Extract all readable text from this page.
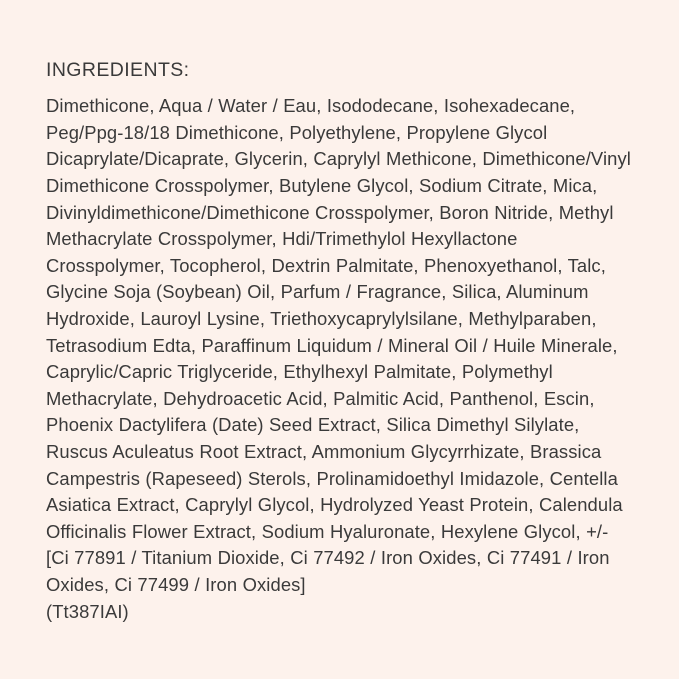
INGREDIENTS:

Dimethicone, Aqua / Water / Eau, Isododecane, Isohexadecane, Peg/Ppg-18/18 Dimethicone, Polyethylene, Propylene Glycol Dicaprylate/Dicaprate, Glycerin, Caprylyl Methicone, Dimethicone/Vinyl Dimethicone Crosspolymer, Butylene Glycol, Sodium Citrate, Mica, Divinyldimethicone/Dimethicone Crosspolymer, Boron Nitride, Methyl Methacrylate Crosspolymer, Hdi/Trimethylol Hexyllactone Crosspolymer, Tocopherol, Dextrin Palmitate, Phenoxyethanol, Talc, Glycine Soja (Soybean) Oil, Parfum / Fragrance, Silica, Aluminum Hydroxide, Lauroyl Lysine, Triethoxycaprylylsilane, Methylparaben, Tetrasodium Edta, Paraffinum Liquidum / Mineral Oil / Huile Minerale, Caprylic/Capric Triglyceride, Ethylhexyl Palmitate, Polymethyl Methacrylate, Dehydroacetic Acid, Palmitic Acid, Panthenol, Escin, Phoenix Dactylifera (Date) Seed Extract, Silica Dimethyl Silylate, Ruscus Aculeatus Root Extract, Ammonium Glycyrrhizate, Brassica Campestris (Rapeseed) Sterols, Prolinamidoethyl Imidazole, Centella Asiatica Extract, Caprylyl Glycol, Hydrolyzed Yeast Protein, Calendula Officinalis Flower Extract, Sodium Hyaluronate, Hexylene Glycol, +/- [Ci 77891 / Titanium Dioxide, Ci 77492 / Iron Oxides, Ci 77491 / Iron Oxides, Ci 77499 / Iron Oxides]

(Tt387IAI)
